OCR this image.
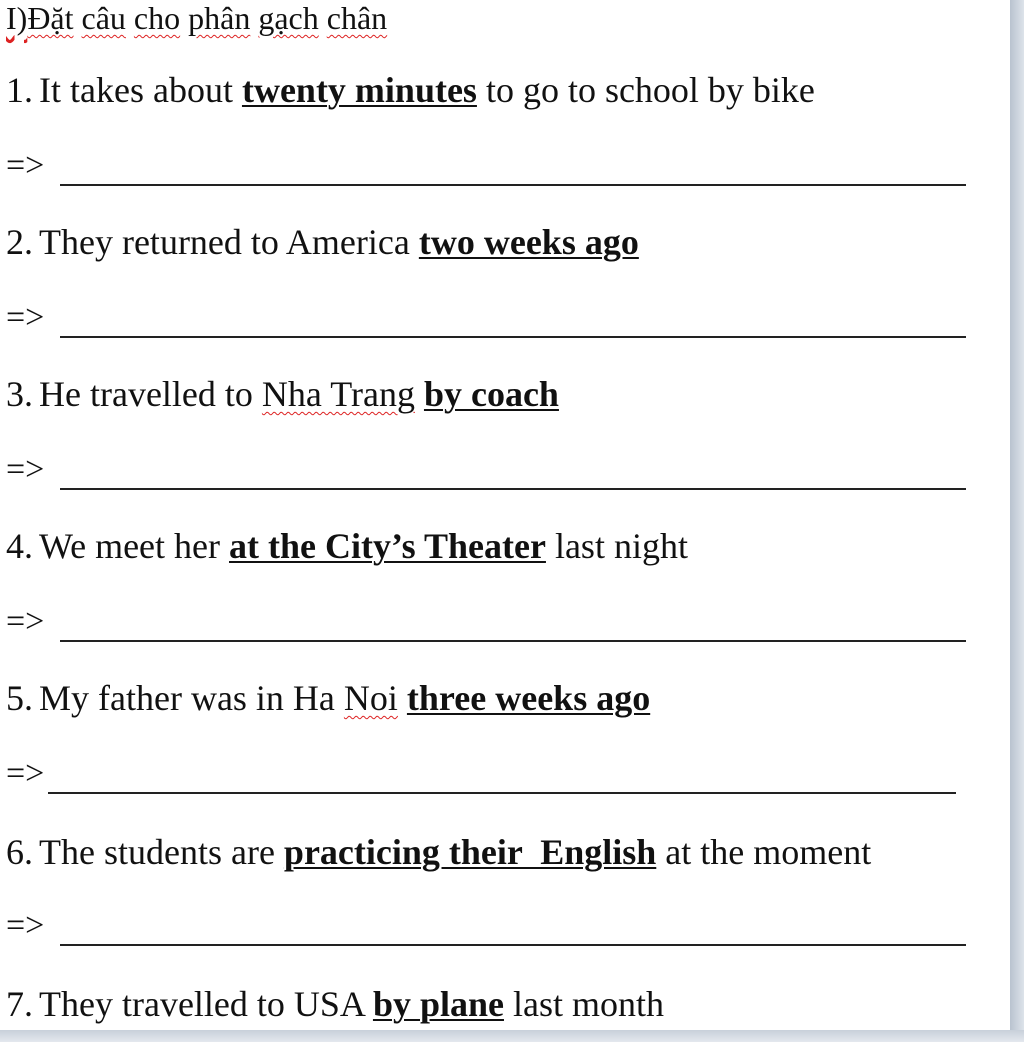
I)Đặt câu cho phân gạch chân
1. It takes about twenty minutes to go to school by bike
=>
2. They returned to America two weeks ago
=>
3. He travelled to Nha Trang by coach
=>
4. We meet her at the City’s Theater last night
=>
5. My father was in Ha Noi three weeks ago
=>
6. The students are practicing their  English at the moment
=>
7. They travelled to USA by plane last month
